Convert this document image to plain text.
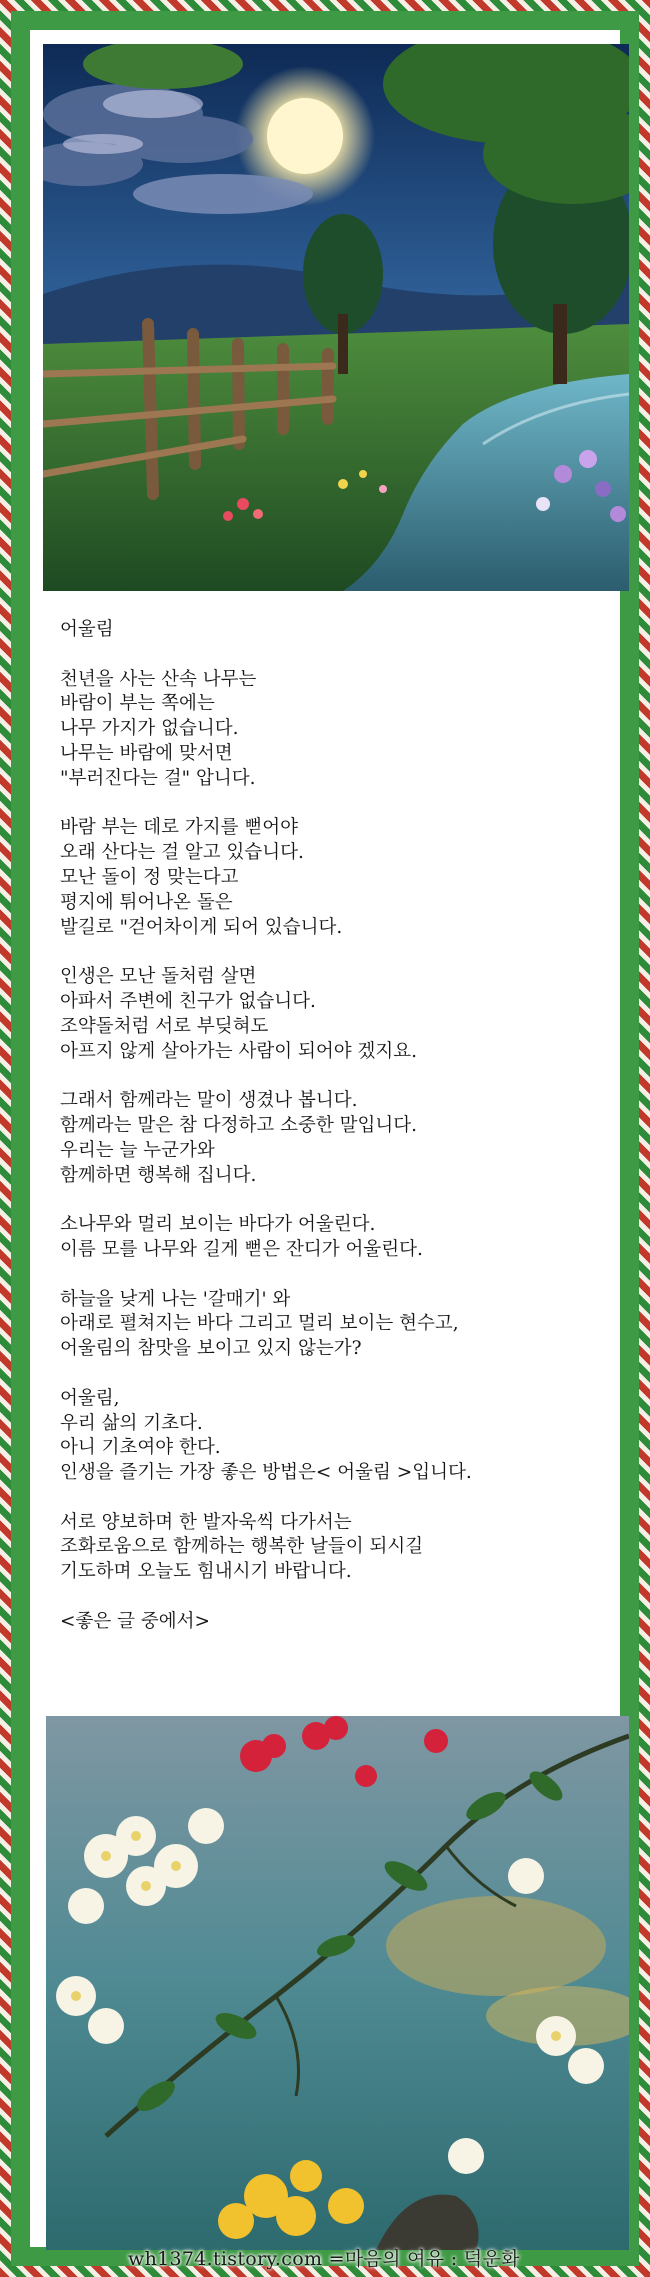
어울림

천년을 사는 산속 나무는

바람이 부는 쪽에는

나무 가지가 없습니다.

나무는 바람에 맞서면

"부러진다는 걸" 압니다.

바람 부는 데로 가지를 뻗어야

오래 산다는 걸 알고 있습니다.

모난 돌이 정 맞는다고

평지에 튀어나온 돌은

발길로 "걷어차이게 되어 있습니다.

인생은 모난 돌처럼 살면

아파서 주변에 친구가 없습니다.

조약돌처럼 서로 부딪혀도

아프지 않게 살아가는 사람이 되어야 겠지요.

그래서 함께라는 말이 생겼나 봅니다.

함께라는 말은 참 다정하고 소중한 말입니다.

우리는 늘 누군가와

함께하면 행복해 집니다.

소나무와 멀리 보이는 바다가 어울린다.

이름 모를 나무와 길게 뻗은 잔디가 어울린다.

하늘을 낮게 나는 '갈매기' 와

아래로 펼쳐지는 바다 그리고 멀리 보이는 현수고,

어울림의 참맛을 보이고 있지 않는가?

어울림,

우리 삶의 기초다.

아니 기초여야 한다.

인생을 즐기는 가장 좋은 방법은< 어울림 >입니다.

서로 양보하며 한 발자욱씩 다가서는

조화로움으로 함께하는 행복한 날들이 되시길

기도하며 오늘도 힘내시기 바랍니다.

<좋은 글 중에서>

wh1374.tistory.com =마음의 여유 : 덕운화
